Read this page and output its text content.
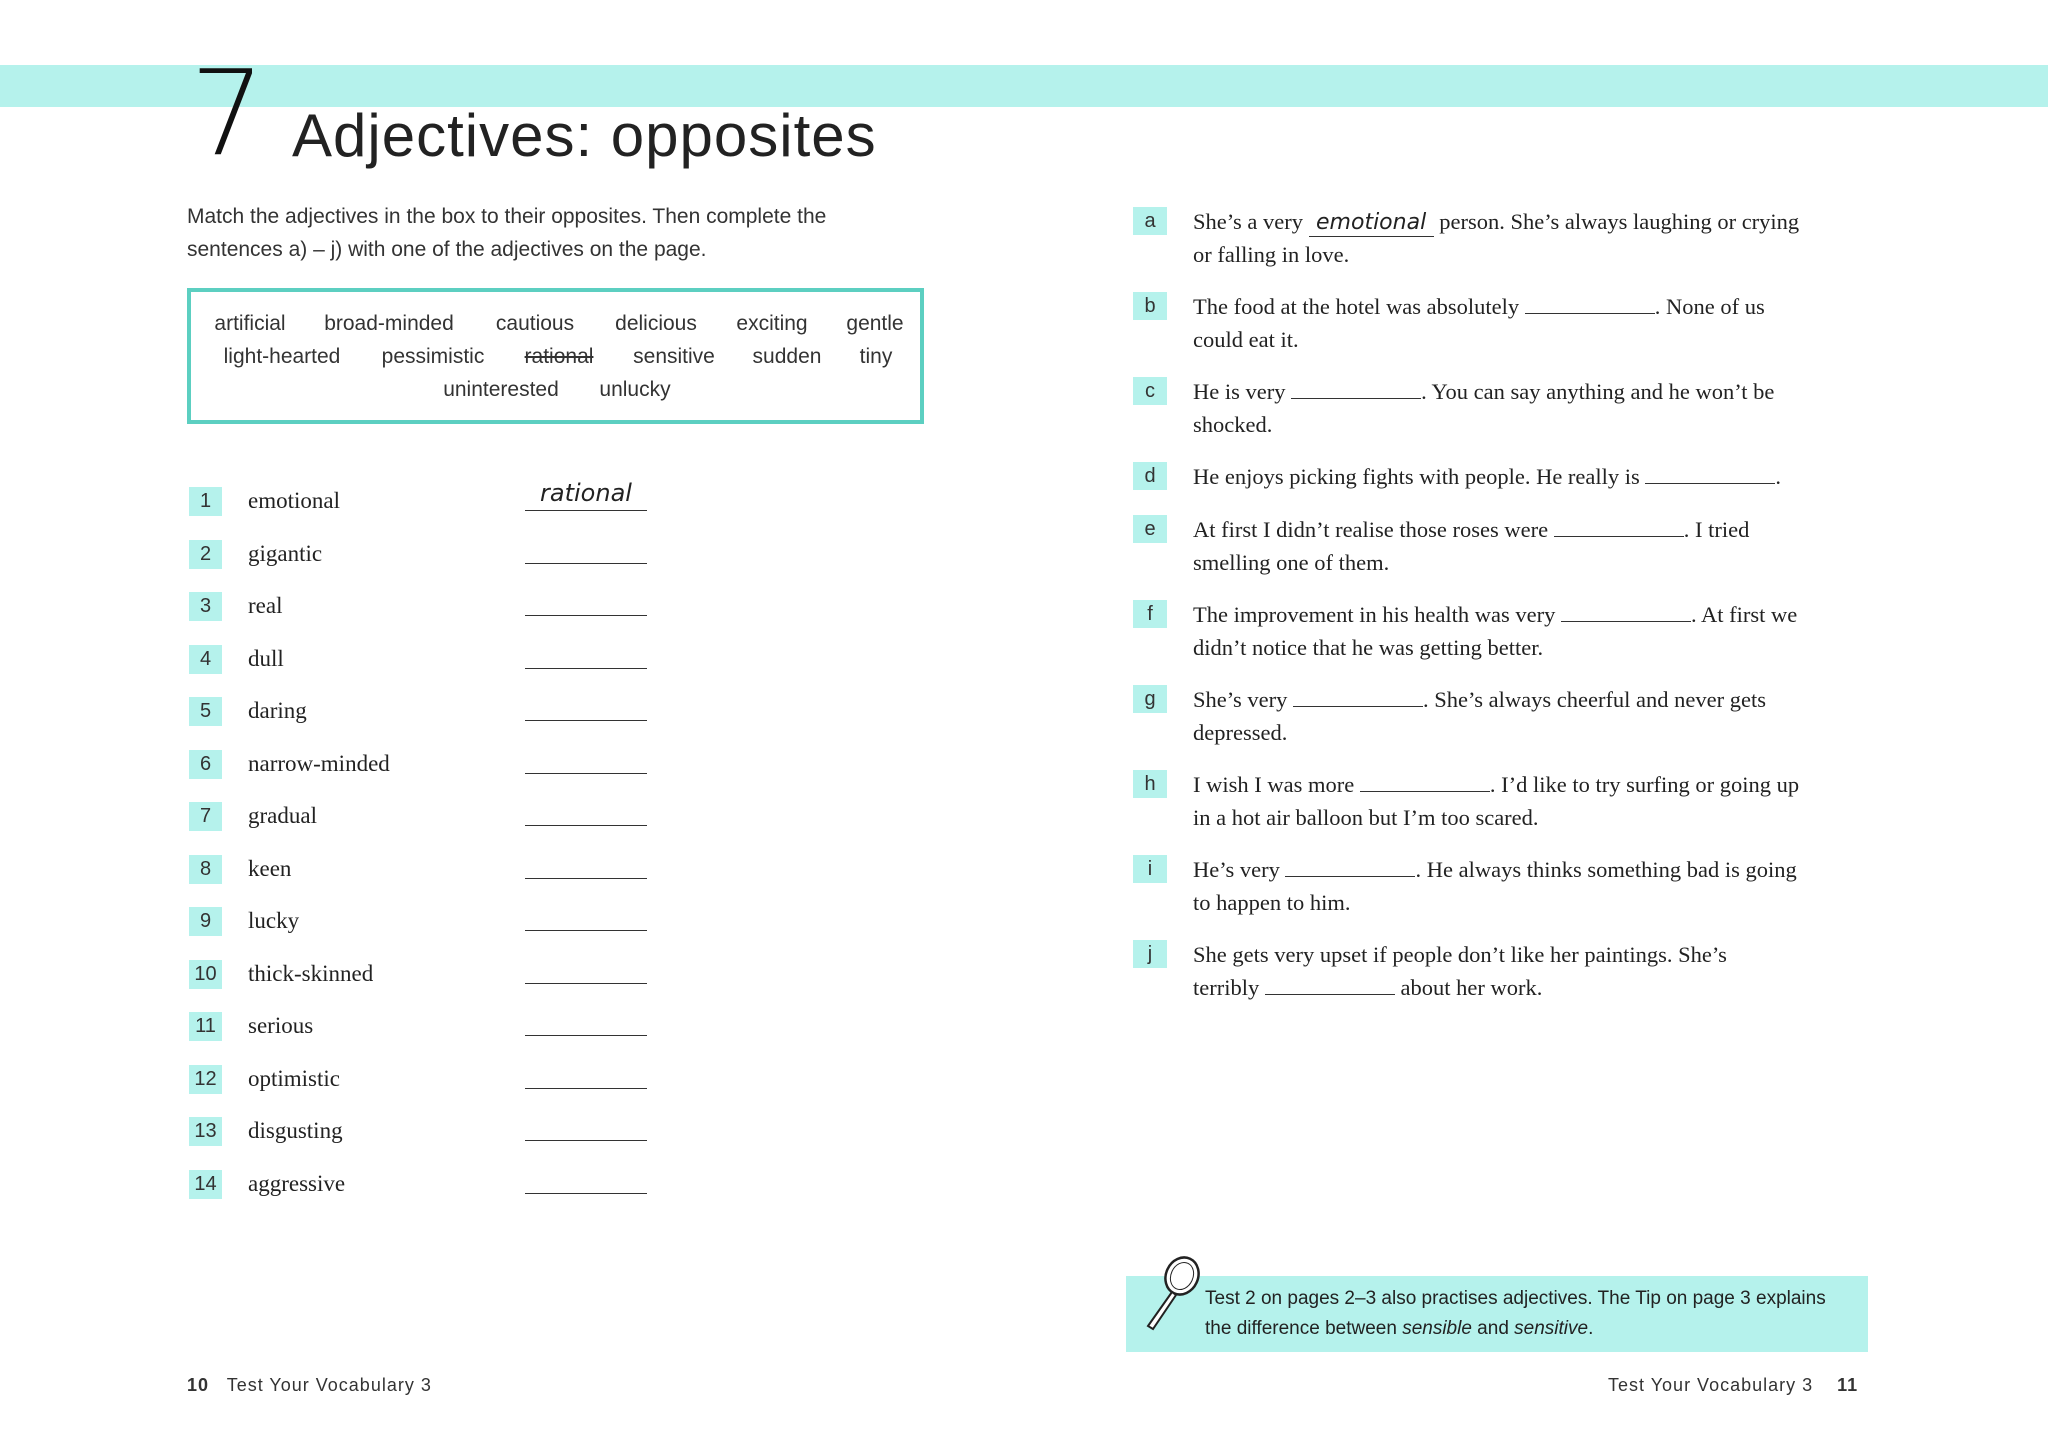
7 Adjectives: opposites
Match the adjectives in the box to their opposites. Then complete the
sentences a) – j) with one of the adjectives on the page.
artificial broad-minded cautious delicious exciting gentle
light-hearted pessimistic rational sensitive sudden tiny
uninterested unlucky
1	emotional	rational
2	gigantic
3	real
4	dull
5	daring
6	narrow-minded
7	gradual
8	keen
9	lucky
10 thick-skinned
11 serious
12 optimistic
13 disgusting
14 aggressive
a	She’s a very emotional person. She’s always laughing or crying
or falling in love.
b	The food at the hotel was absolutely	. None of us
could eat it.
c	He is very	. You can say anything and he won’t be
shocked.
d	He enjoys picking fights with people. He really is	.
e	At first I didn’t realise those roses were	. I tried
smelling one of them.
f	The improvement in his health was very	. At first we
didn’t notice that he was getting better.
g	She’s very	. She’s always cheerful and never gets
depressed.
h	I wish I was more	. I’d like to try surfing or going up
in a hot air balloon but I’m too scared.
i	He’s very	. He always thinks something bad is going
to happen to him.
j	She gets very upset if people don’t like her paintings. She’s
terribly	about her work.
Test 2 on pages 2–3 also practises adjectives. The Tip on page 3 explains
the difference between sensible and sensitive.
10 Test Your Vocabulary 3	Test Your Vocabulary 3 11
